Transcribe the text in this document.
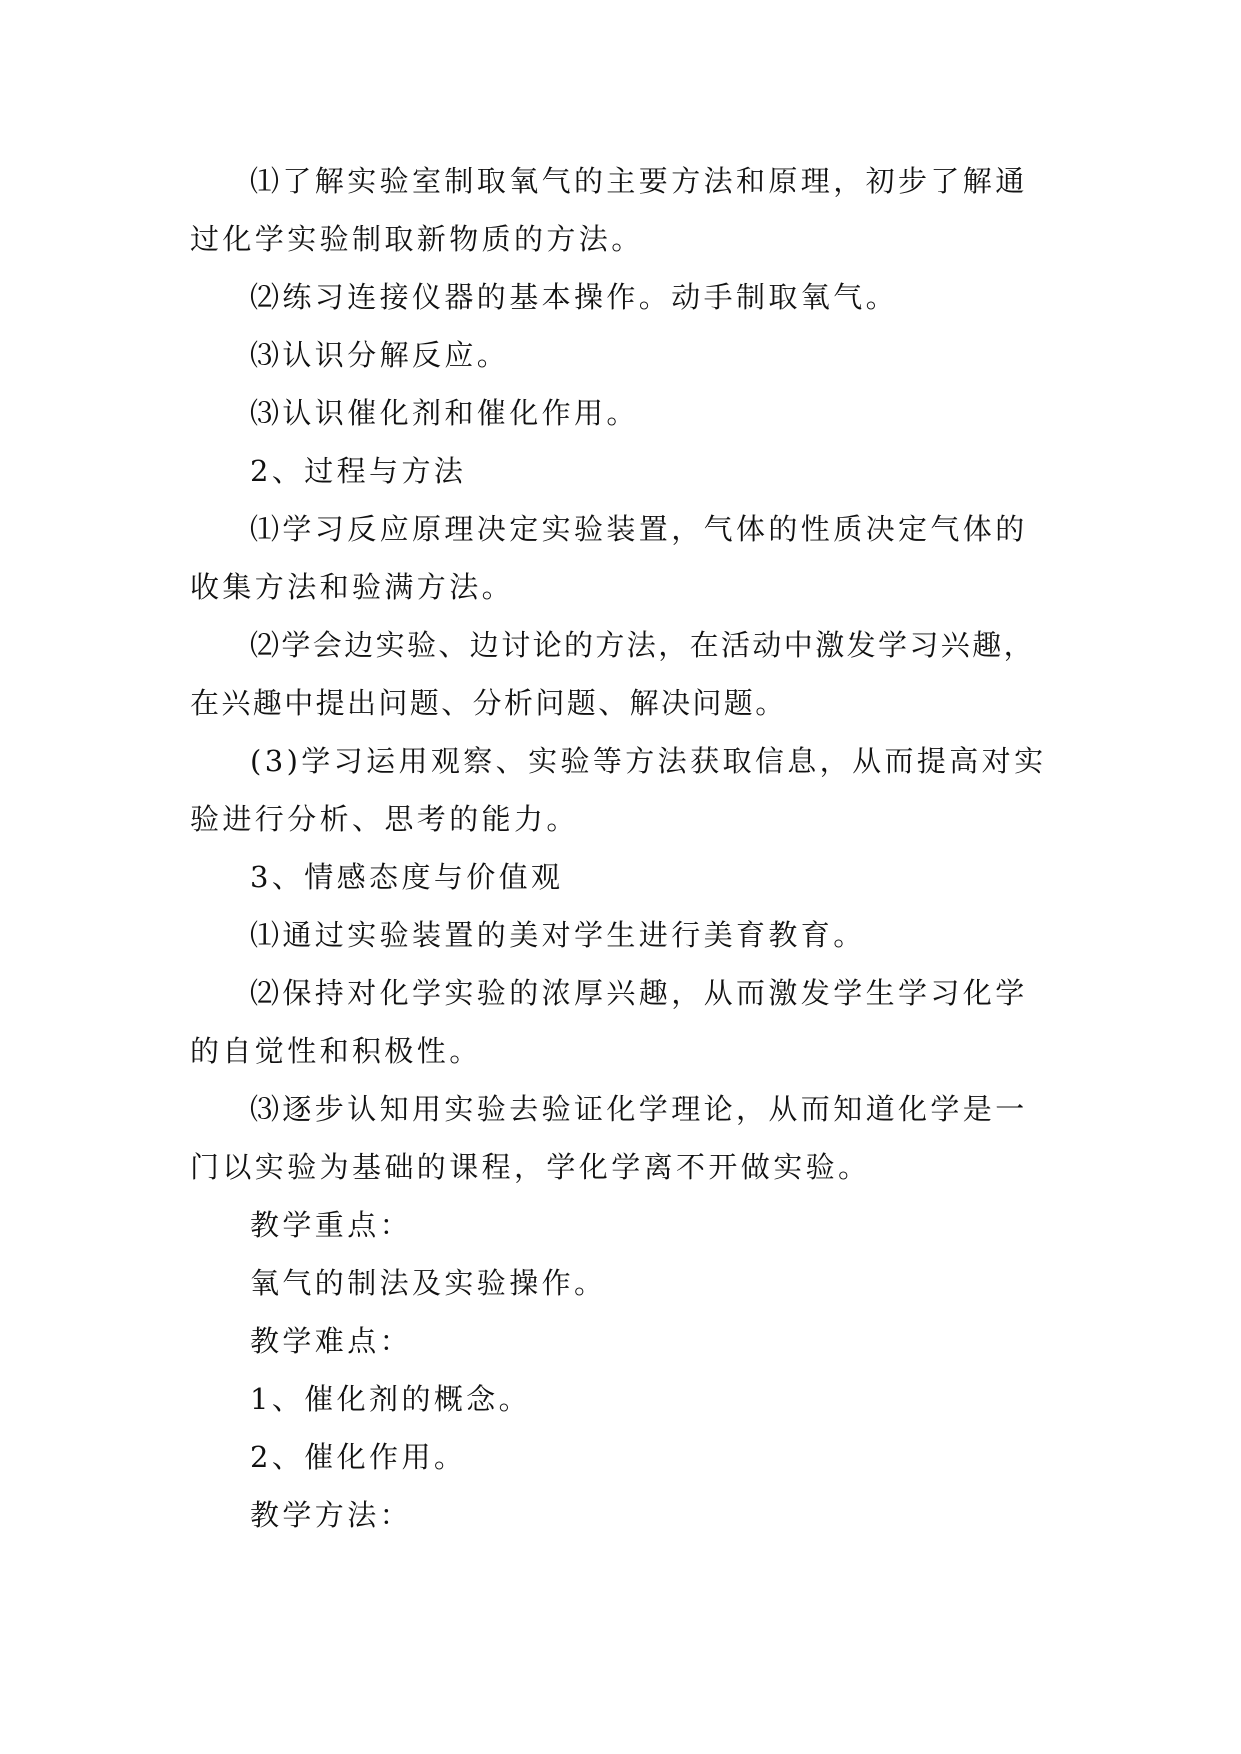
⑴了解实验室制取氧气的主要方法和原理，初步了解通过化学实验制取新物质的方法。

⑵练习连接仪器的基本操作。动手制取氧气。

⑶认识分解反应。

⑶认识催化剂和催化作用。

2、过程与方法

⑴学习反应原理决定实验装置，气体的性质决定气体的收集方法和验满方法。

⑵学会边实验、边讨论的方法，在活动中激发学习兴趣，在兴趣中提出问题、分析问题、解决问题。

(3)学习运用观察、实验等方法获取信息，从而提高对实验进行分析、思考的能力。

3、情感态度与价值观

⑴通过实验装置的美对学生进行美育教育。

⑵保持对化学实验的浓厚兴趣，从而激发学生学习化学的自觉性和积极性。

⑶逐步认知用实验去验证化学理论，从而知道化学是一门以实验为基础的课程，学化学离不开做实验。

教学重点：

氧气的制法及实验操作。

教学难点：

1、催化剂的概念。

2、催化作用。

教学方法：
